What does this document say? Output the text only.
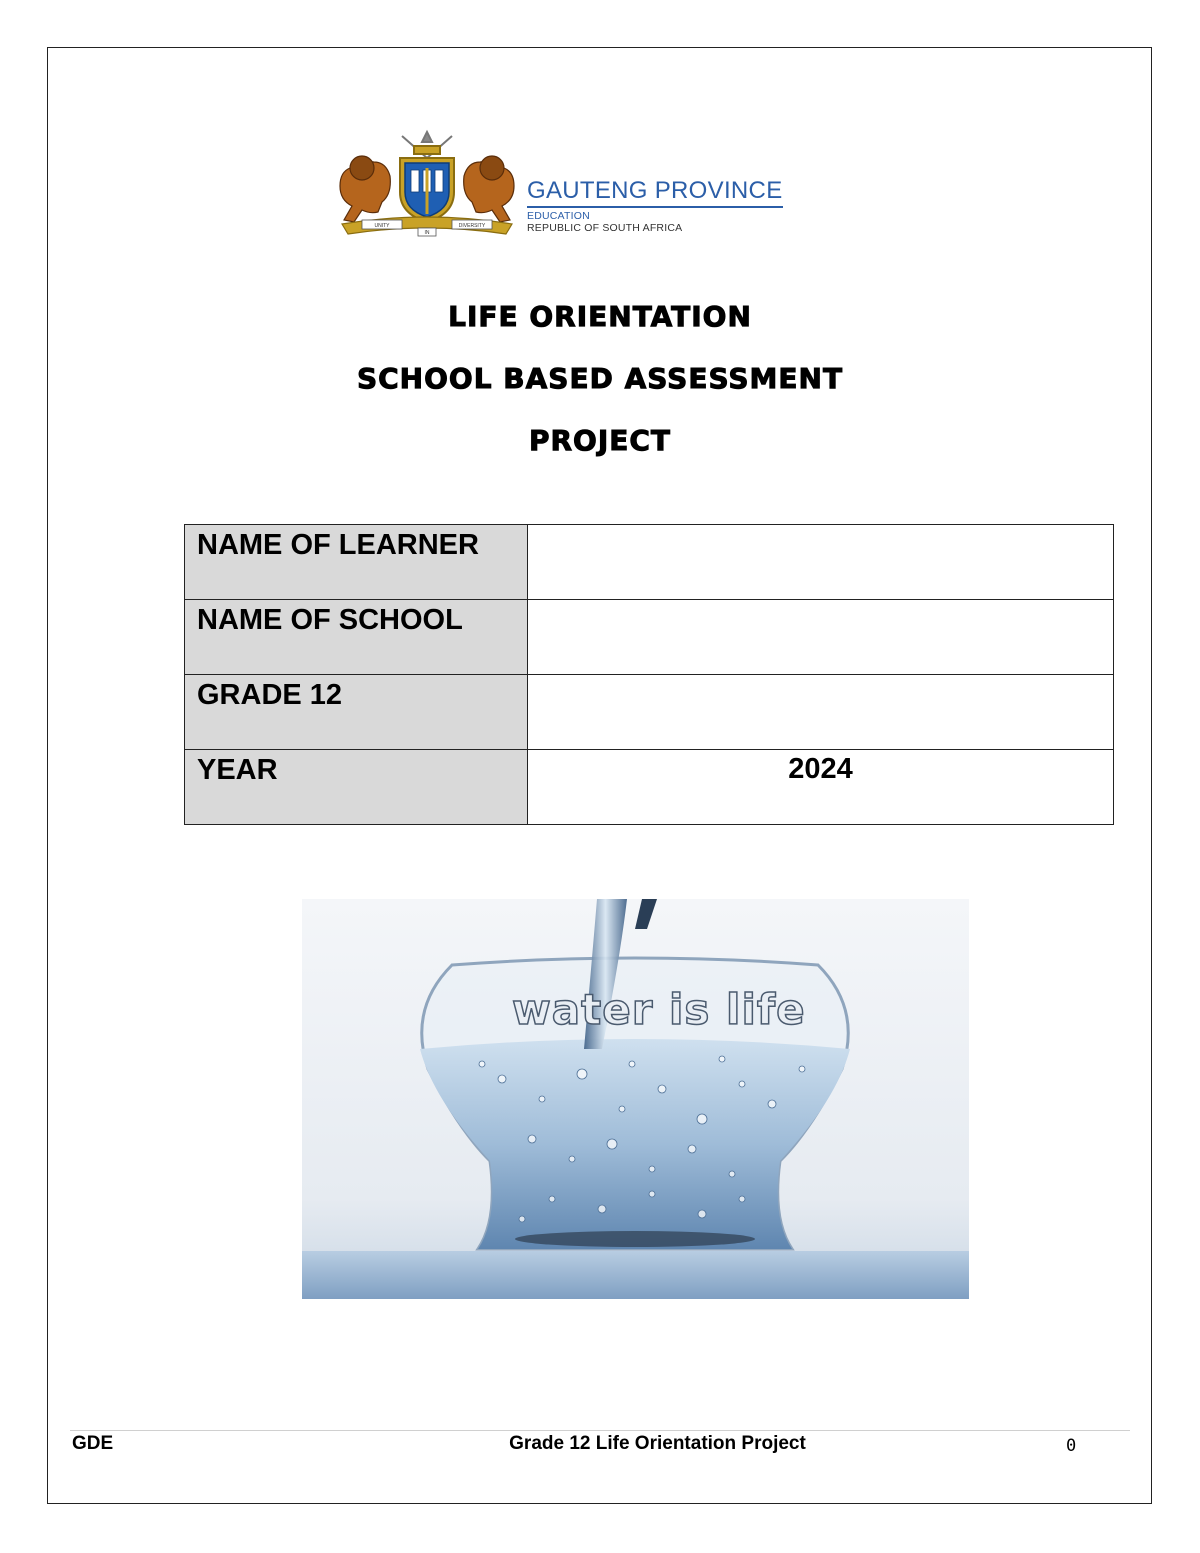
UNITY
IN
DIVERSITY
GAUTENG PROVINCE
EDUCATION
REPUBLIC OF SOUTH AFRICA
LIFE ORIENTATION
SCHOOL BASED ASSESSMENT
PROJECT
NAME OF LEARNER	
NAME OF SCHOOL	
GRADE 12	
YEAR	2024
water is life
GDE	Grade 12 Life Orientation Project	0
